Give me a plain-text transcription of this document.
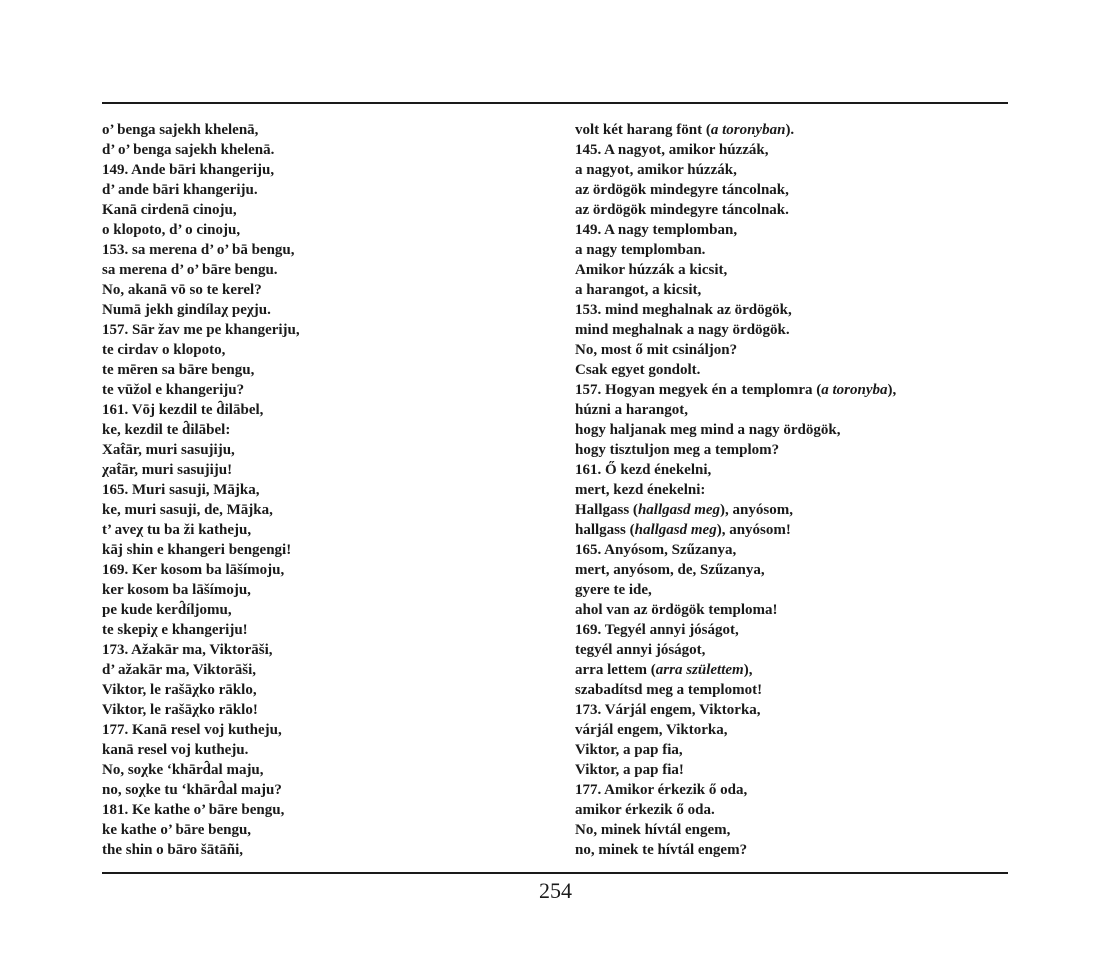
o’ benga sajekh khelenā,
d’ o’ benga sajekh khelenā.
149. Ande bāri khangeriju,
d’ ande bāri khangeriju.
Kanā cirdenā cinoju,
o klopoto, d’ o cinoju,
153. sa merena d’ o’ bā bengu,
sa merena d’ o’ bāre bengu.
No, akanā vō so te kerel?
Numā jekh gindílaχ peχju.
157. Sār žav me pe khangeriju,
te cirdav o klopoto,
te mēren sa bāre bengu,
te vūžol e khangeriju?
161. Vōj kezdil te d̑ilābel,
ke, kezdil te d̑ilābel:
Xat̂ār, muri sasujiju,
χat̂ār, muri sasujiju!
165. Muri sasuji, Mājka,
ke, muri sasuji, de, Mājka,
t’ aveχ tu ba ži katheju,
kāj shin e khangeri bengengi!
169. Ker kosom ba lāšímoju,
ker kosom ba lāšímoju,
pe kude kerd̑íljomu,
te skepiχ e khangeriju!
173. Ažakār ma, Viktorāši,
d’ ažakār ma, Viktorāši,
Viktor, le rašāχko rāklo,
Viktor, le rašāχko rāklo!
177. Kanā resel voj kutheju,
kanā resel voj kutheju.
No, soχke ‘khārd̑al maju,
no, soχke tu ‘khārd̑al maju?
181. Ke kathe o’ bāre bengu,
ke kathe o’ bāre bengu,
the shin o bāro šātāñi,
volt két harang fönt (a toronyban).
145. A nagyot, amikor húzzák,
a nagyot, amikor húzzák,
az ördögök mindegyre táncolnak,
az ördögök mindegyre táncolnak.
149. A nagy templomban,
a nagy templomban.
Amikor húzzák a kicsit,
a harangot, a kicsit,
153. mind meghalnak az ördögök,
mind meghalnak a nagy ördögök.
No, most ő mit csináljon?
Csak egyet gondolt.
157. Hogyan megyek én a templomra (a toronyba),
húzni a harangot,
hogy haljanak meg mind a nagy ördögök,
hogy tisztuljon meg a templom?
161. Ő kezd énekelni,
mert, kezd énekelni:
Hallgass (hallgasd meg), anyósom,
hallgass (hallgasd meg), anyósom!
165. Anyósom, Szűzanya,
mert, anyósom, de, Szűzanya,
gyere te ide,
ahol van az ördögök temploma!
169. Tegyél annyi jóságot,
tegyél annyi jóságot,
arra lettem (arra születtem),
szabadítsd meg a templomot!
173. Várjál engem, Viktorka,
várjál engem, Viktorka,
Viktor, a pap fia,
Viktor, a pap fia!
177. Amikor érkezik ő oda,
amikor érkezik ő oda.
No, minek hívtál engem,
no, minek te hívtál engem?
254
